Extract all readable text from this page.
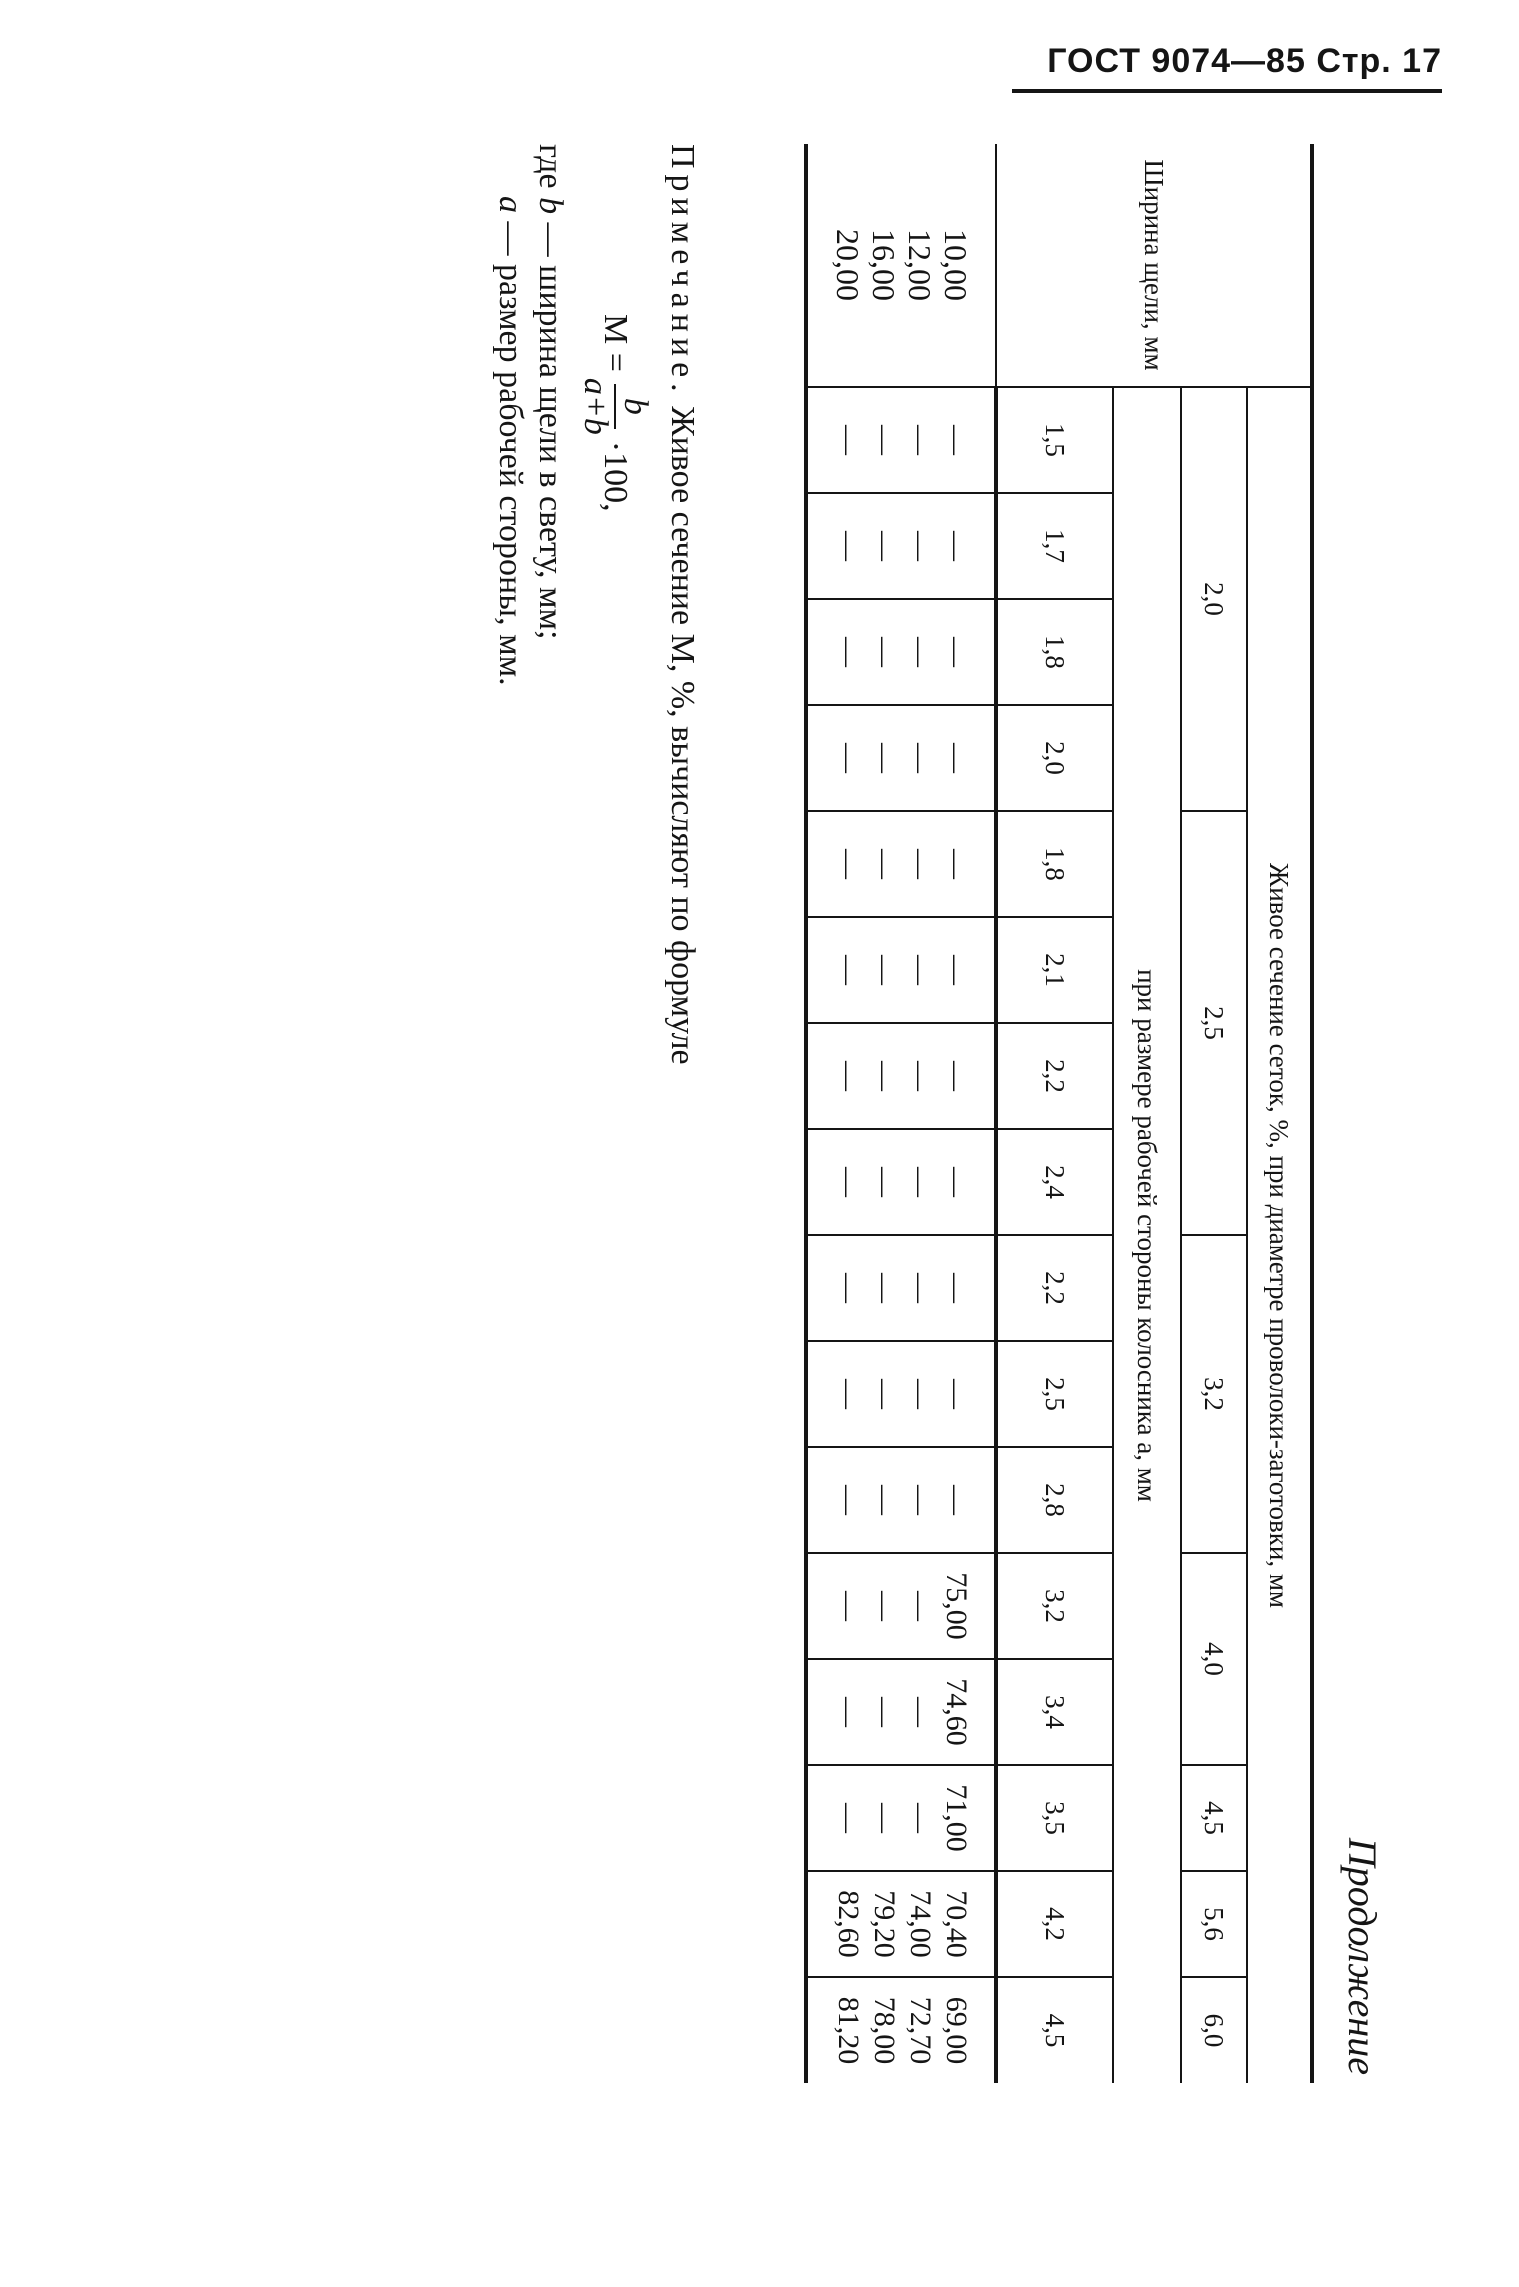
ГОСТ 9074—85 Стр. 17
Продолжение
Ширина щели, мм	Живое сечение сеток, %, при диаметре проволоки-заготовки, мм															
	2,0				2,5				3,2			4,0		4,5	5,6	6,0
	при размере рабочей стороны колосника a, мм															
	1,5	1,7	1,8	2,0	1,8	2,1	2,2	2,4	2,2	2,5	2,8	3,2	3,4	3,5	4,2	4,5
10,00	—	—	—	—	—	—	—	—	—	—	—	75,00	74,60	71,00	70,40	69,00
12,00	—	—	—	—	—	—	—	—	—	—	—	—	—	—	74,00	72,70
16,00	—	—	—	—	—	—	—	—	—	—	—	—	—	—	79,20	78,00
20,00	—	—	—	—	—	—	—	—	—	—	—	—	—	—	82,60	81,20
Примечание. Живое сечение M, %, вычисляют по формуле
M =
b
a+b
·100,
где b — ширина щели в свету, мм;
a — размер рабочей стороны, мм.
